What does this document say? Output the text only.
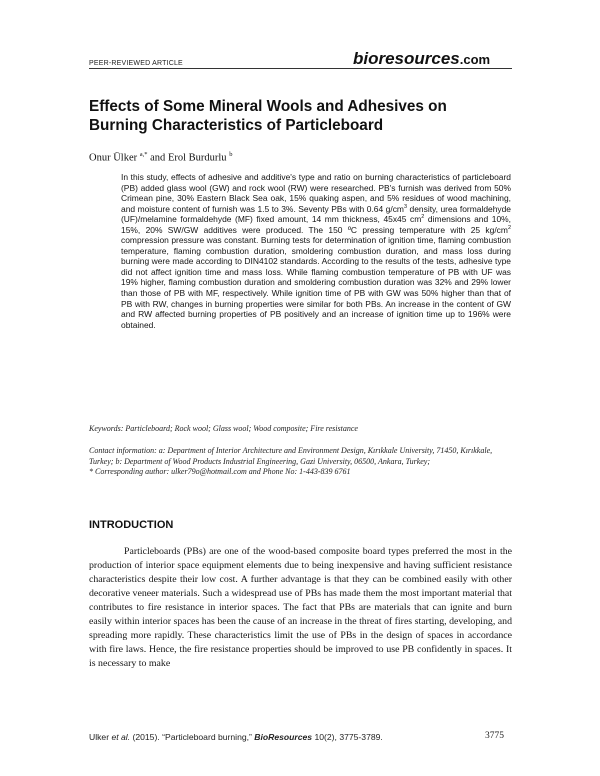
PEER-REVIEWED ARTICLE	bioresources.com
Effects of Some Mineral Wools and Adhesives on Burning Characteristics of Particleboard
Onur Ülker $^{a,*}$ and Erol Burdurlu $^b$

In this study, effects of adhesive and additive's type and ratio on burning characteristics of particleboard (PB) added glass wool (GW) and rock wool (RW) were researched. PB's furnish was derived from 50% Crimean pine, 30% Eastern Black Sea oak, 15% quaking aspen, and 5% residues of wood machining, and moisture content of furnish was 1.5 to 3%. Seventy PBs with 0.64 $g/cm^3$ density, urea formaldehyde (UF)/melamine formaldehyde (MF) fixed amount, 14 mm thickness, 45x45 $cm^2$ dimensions and 10%, 15%, 20% SW/GW additives were produced. The 150 ºC pressing temperature with 25 $kg/cm^2$ compression pressure was constant. Burning tests for determination of ignition time, flaming combustion temperature, flaming combustion duration, smoldering combustion duration, and mass loss during burning were made according to DIN4102 standards. According to the results of the tests, adhesive type did not affect ignition time and mass loss. While flaming combustion temperature of PB with UF was 19% higher, flaming combustion duration and smoldering combustion duration was 32% and 29% lower than those of PB with MF, respectively. While ignition time of PB with GW was 50% higher than that of PB with RW, changes in burning properties were similar for both PBs. An increase in the content of GW and RW affected burning properties of PB positively and an increase of ignition time up to 196% were obtained.

Keywords: Particleboard; Rock wool; Glass wool; Wood composite; Fire resistance
Contact information: a: Department of Interior Architecture and Environment Design, Kırıkkale University, 71450, Kırıkkale, Turkey; b: Department of Wood Products Industrial Engineering, Gazi University, 06500, Ankara, Turkey;
* Corresponding author: ulker79o@hotmail.com and Phone No: 1-443-839 6761
INTRODUCTION

Particleboards (PBs) are one of the wood-based composite board types preferred the most in the production of interior space equipment elements due to being inexpensive and having sufficient resistance characteristics despite their low cost. A further advantage is that they can be combined easily with other decorative veneer materials. Such a widespread use of PBs has made them the most important material that contributes to fire resistance in interior spaces. The fact that PBs are materials that can ignite and burn easily within interior spaces has been the cause of an increase in the threat of fires starting, developing, and spreading more rapidly. These characteristics limit the use of PBs in the design of spaces in accordance with fire laws. Hence, the fire resistance properties should be improved to use PB confidently in spaces. It is necessary to make

Ulker et al. (2015). “Particleboard burning,” BioResources 10(2), 3775-3789.	3775
